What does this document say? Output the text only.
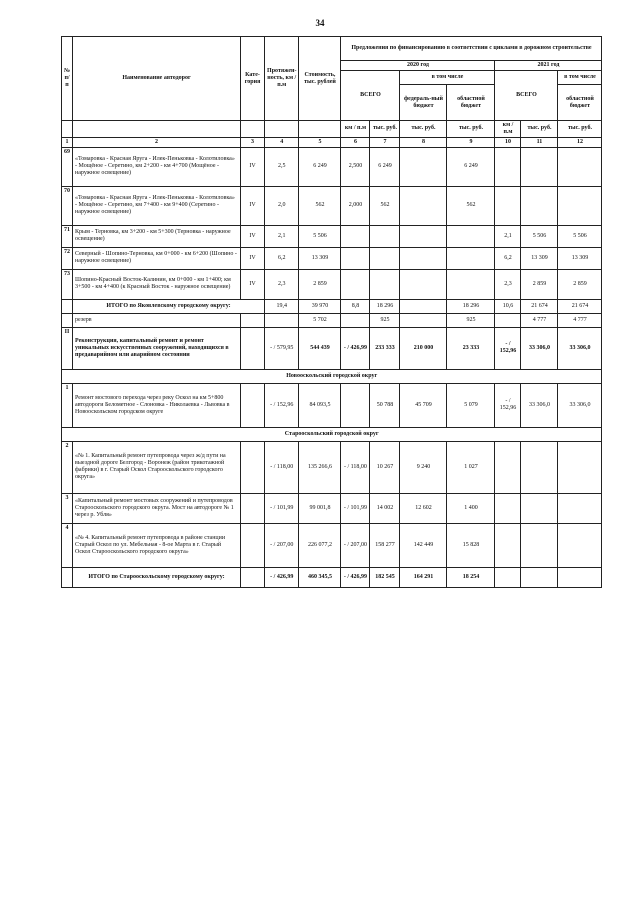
34
№ п/п	Наименование автодорог	Кате-гория	Протяжен-ность, км / п.м	Стоимость, тыс. рублей	Предложения по финансированию в соответствии с циклами в дорожном строительстве						
					2020 год				2021 год		
					ВСЕГО		в том числе		ВСЕГО		в том числе
							федераль-ный бюджет	областной бюджет			областной бюджет
					км / п.м	тыс. руб.	тыс. руб.	тыс. руб.	км / п.м	тыс. руб.	тыс. руб.
1	2	3	4	5	6	7	8	9	10	11	12
69	«Томаровка - Красная Яруга - Илек-Пеньковка - Колотиловка» - Мощёное - Серетино, км 2+200 - км 4+700 (Мощёное - наружное освещение)	IV	2,5	6 249	2,500	6 249		6 249			
70	«Томаровка - Красная Яруга - Илек-Пеньковка - Колотиловка» - Мощёное - Серетино, км 7+400 - км 9+400 (Серетино - наружное освещение)	IV	2,0	562	2,000	562		562			
71	Крым - Терновка, км 3+200 - км 5+300 (Терновка - наружное освещение)	IV	2,1	5 506					2,1	5 506	5 506
72	Северный - Шопино-Терновка, км 0+000 - км 6+200 (Шопино - наружное освещение)	IV	6,2	13 309					6,2	13 309	13 309
73	Шопино-Красный Восток-Калинин, км 0+000 - км 1+400; км 3+500 - км 4+400 (к Красный Восток - наружное освещение)	IV	2,3	2 859					2,3	2 859	2 859
	ИТОГО по Яковлевскому городскому округу:		19,4	39 970	8,8	18 296		18 296	10,6	21 674	21 674
	резерв			5 702		925		925		4 777	4 777
II	Реконструкция, капитальный ремонт и ремонт уникальных искусственных сооружений, находящихся в предаварийном или аварийном состоянии		- / 579,95	544 439	- / 426,99	233 333	210 000	23 333	- / 152,96	33 306,0	33 306,0
Новооскольский городской округ											
1	Ремонт мостового перехода через реку Оскол на км 5+800 автодороги Белометное - Слоновка - Николаевка - Львовка в Новооскольском городском округе		- / 152,96	84 093,5		50 788	45 709	5 079	- / 152,96	33 306,0	33 306,0
Старооскольский городской округ											
2	«№ 1. Капитальный ремонт путепровода через ж/д пути на выездной дороге Белгород - Воронеж (район трикотажной фабрики) в г. Старый Оскол Старооскольского городского округа»		- / 118,00	135 266,6	- / 118,00	10 267	9 240	1 027			
3	«Капитальный ремонт мостовых сооружений и путепроводов Старооскольского городского округа. Мост на автодороге № 1 через р. Убля»		- / 101,99	99 001,8	- / 101,99	14 002	12 602	1 400			
4	«№ 4. Капитальный ремонт путепровода в районе станции Старый Оскол по ул. Мебельная - 8-ое Марта в г. Старый Оскол Старооскольского городского округа»		- / 207,00	226 077,2	- / 207,00	158 277	142 449	15 828			
	ИТОГО по Старооскольскому городскому округу:		- / 426,99	460 345,5	- / 426,99	182 545	164 291	18 254			
